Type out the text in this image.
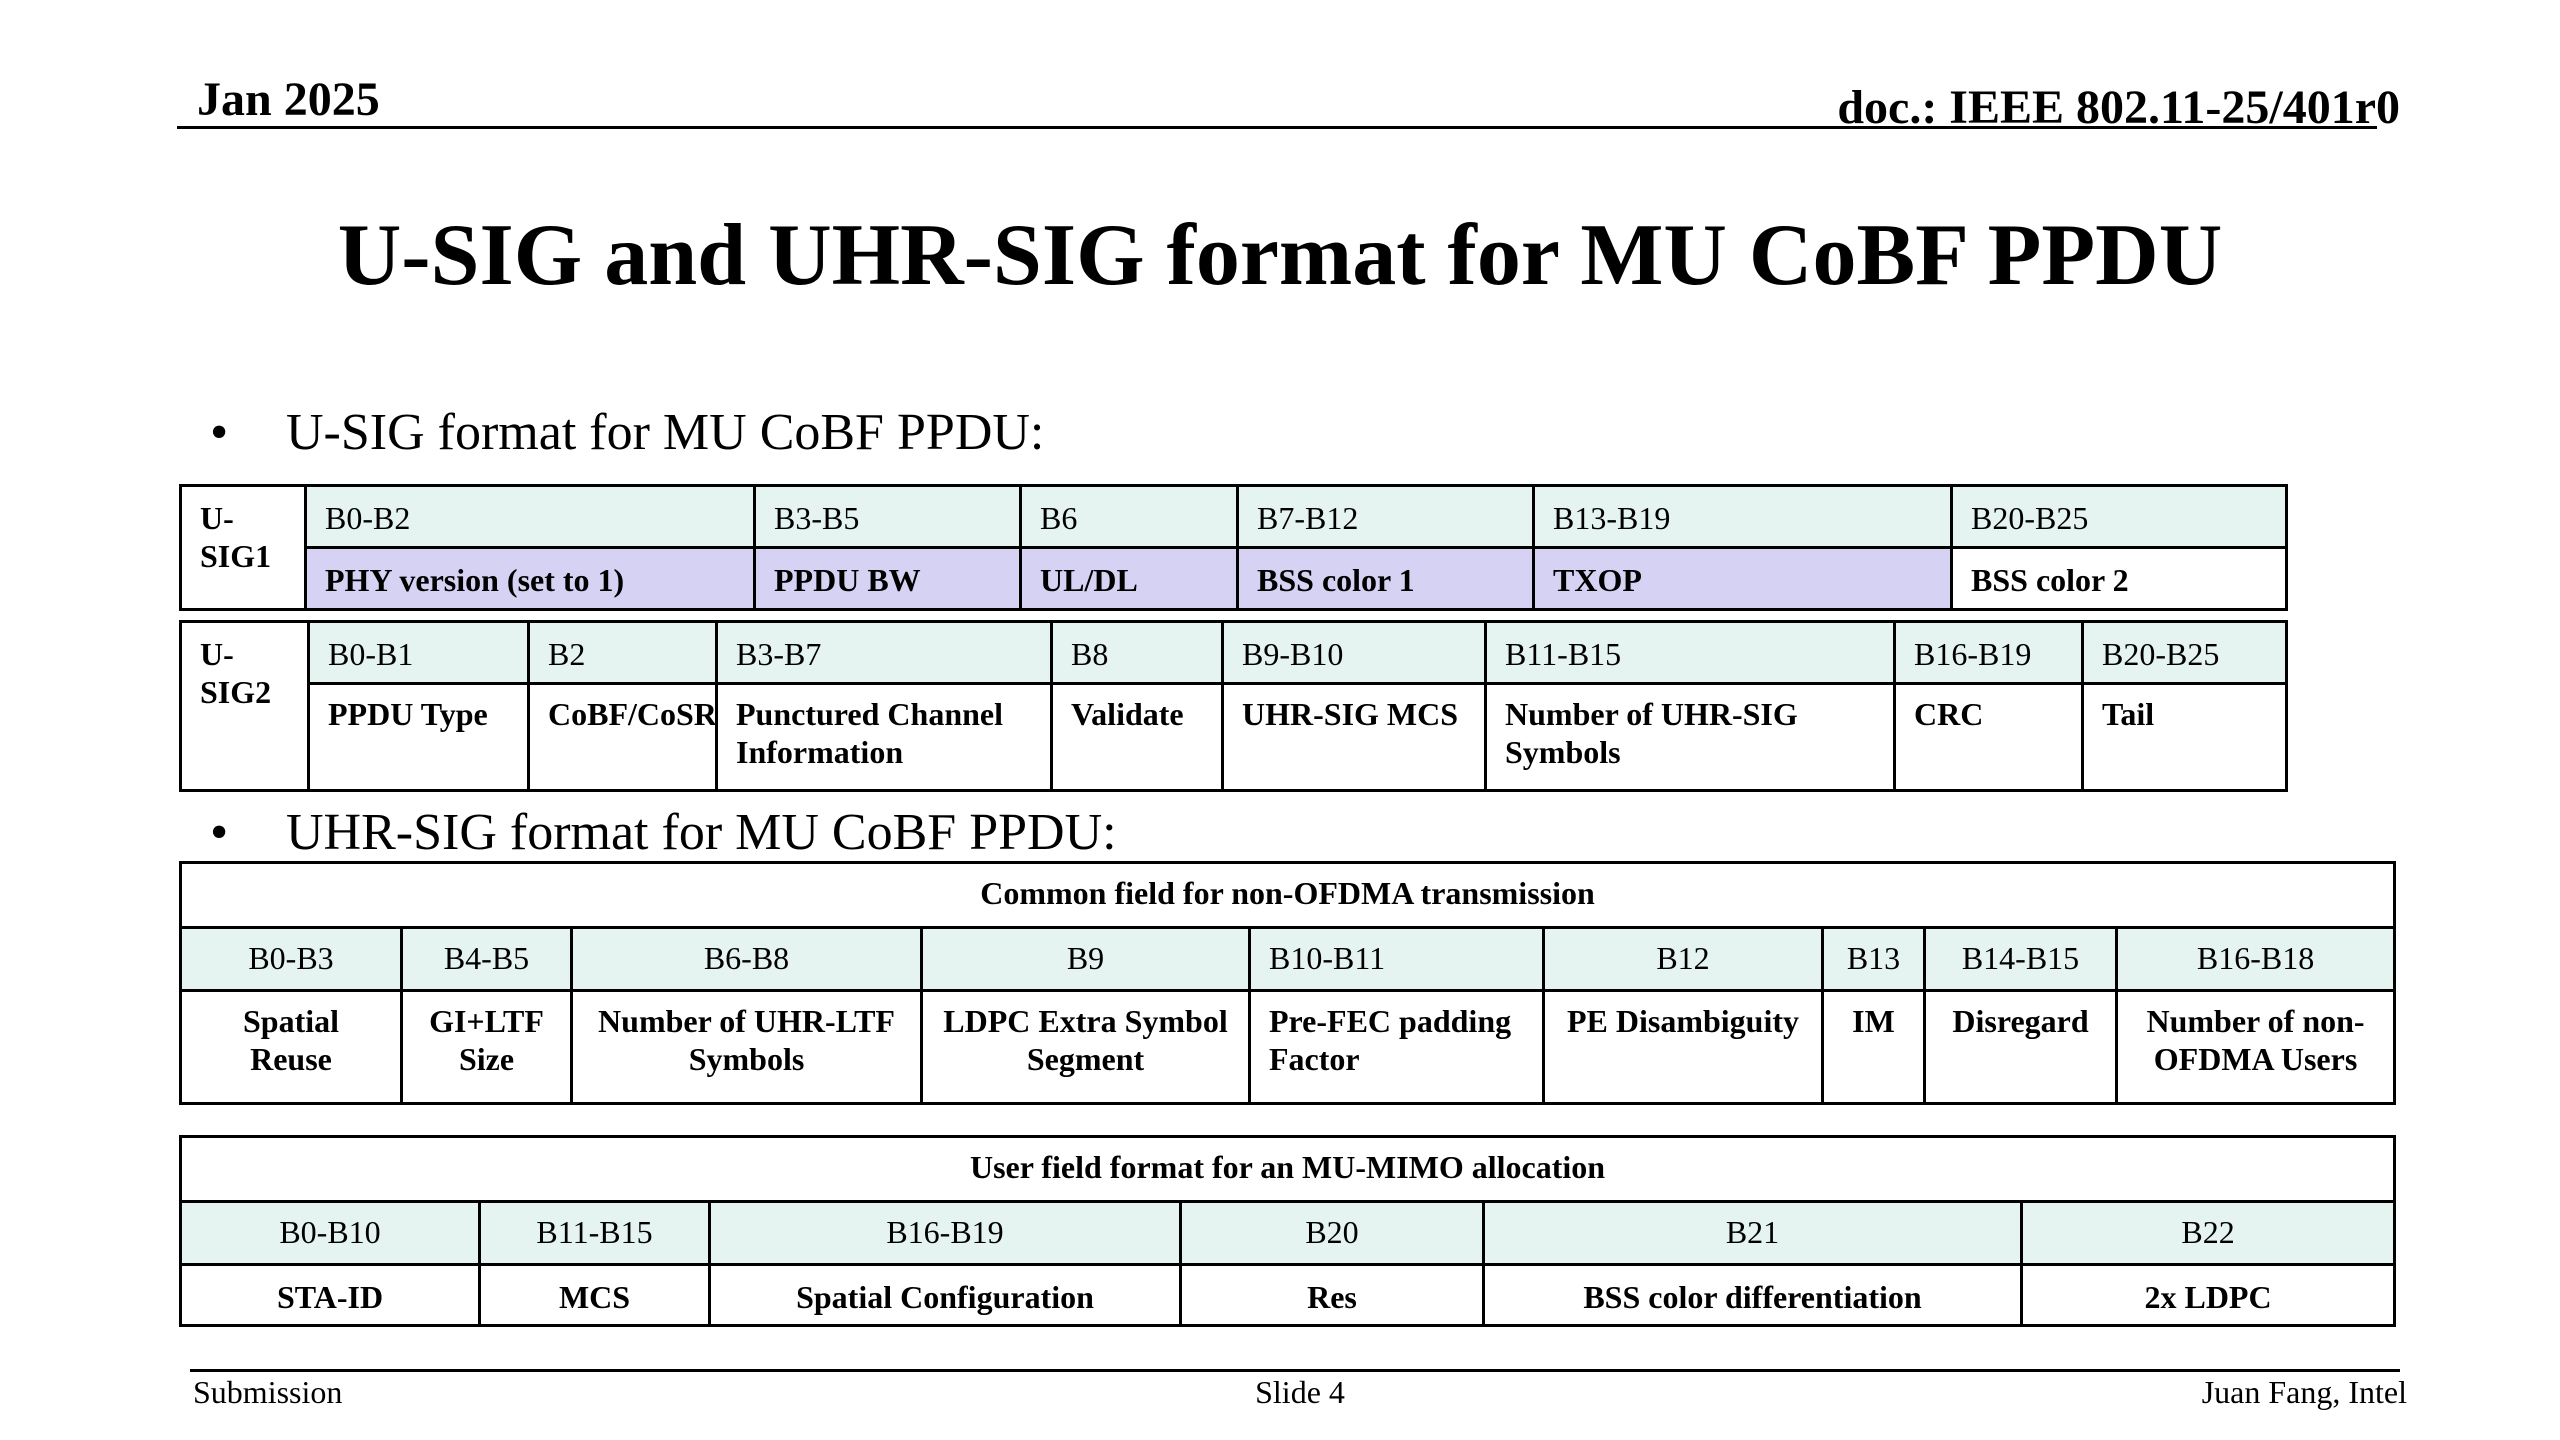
Jan 2025	doc.: IEEE 802.11-25/401r0
U-SIG and UHR-SIG format for MU CoBF PPDU
• U-SIG format for MU CoBF PPDU:
U-SIG1	B0-B2	B3-B5	B6	B7-B12	B13-B19	B20-B25
	PHY version (set to 1)	PPDU BW	UL/DL	BSS color 1	TXOP	BSS color 2
U-SIG2	B0-B1	B2	B3-B7	B8	B9-B10	B11-B15	B16-B19	B20-B25
	PPDU Type	CoBF/CoSR	Punctured Channel Information	Validate	UHR-SIG MCS	Number of UHR-SIG Symbols	CRC	Tail
• UHR-SIG format for MU CoBF PPDU:
Common field for non-OFDMA transmission								
B0-B3	B4-B5	B6-B8	B9	B10-B11	B12	B13	B14-B15	B16-B18
Spatial Reuse	GI+LTF Size	Number of UHR-LTF Symbols	LDPC Extra Symbol Segment	Pre-FEC padding Factor	PE Disambiguity	IM	Disregard	Number of non-OFDMA Users
User field format for an MU-MIMO allocation					
B0-B10	B11-B15	B16-B19	B20	B21	B22
STA-ID	MCS	Spatial Configuration	Res	BSS color differentiation	2x LDPC
Submission	Slide 4	Juan Fang, Intel
